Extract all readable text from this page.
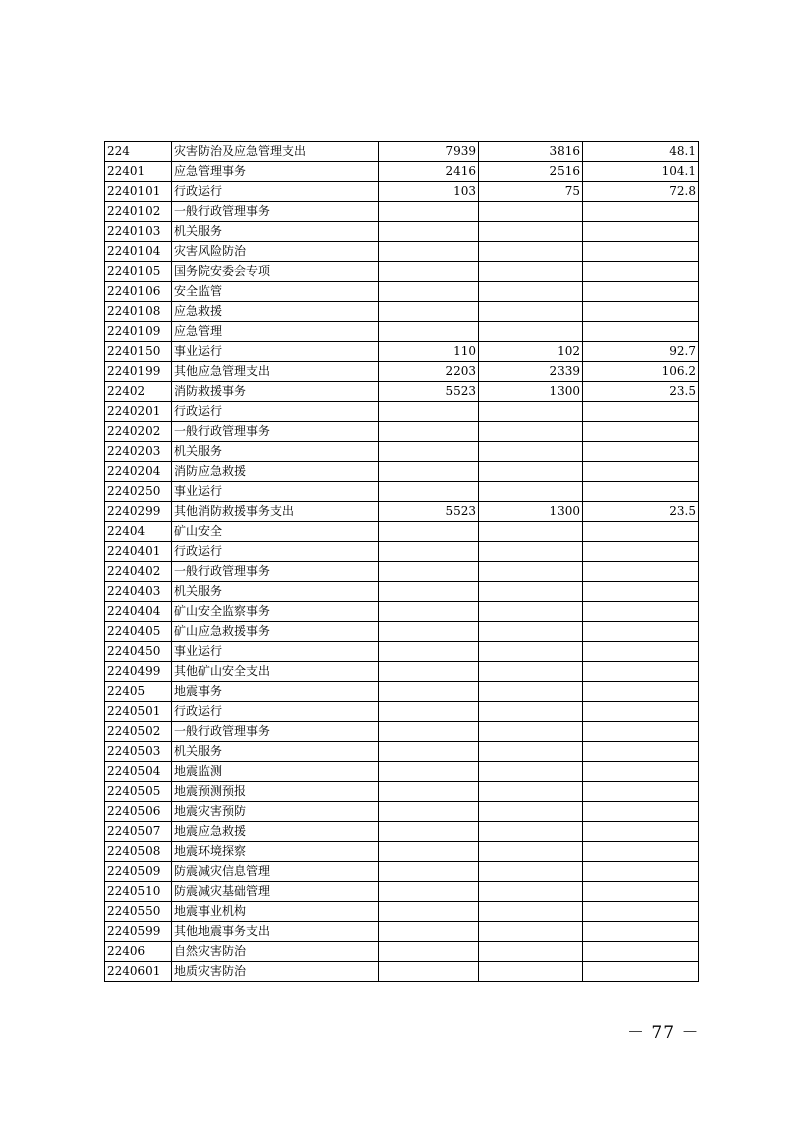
224	灾害防治及应急管理支出	7939	3816	48.1
22401	应急管理事务	2416	2516	104.1
2240101	行政运行	103	75	72.8
2240102	一般行政管理事务			
2240103	机关服务			
2240104	灾害风险防治			
2240105	国务院安委会专项			
2240106	安全监管			
2240108	应急救援			
2240109	应急管理			
2240150	事业运行	110	102	92.7
2240199	其他应急管理支出	2203	2339	106.2
22402	消防救援事务	5523	1300	23.5
2240201	行政运行			
2240202	一般行政管理事务			
2240203	机关服务			
2240204	消防应急救援			
2240250	事业运行			
2240299	其他消防救援事务支出	5523	1300	23.5
22404	矿山安全			
2240401	行政运行			
2240402	一般行政管理事务			
2240403	机关服务			
2240404	矿山安全监察事务			
2240405	矿山应急救援事务			
2240450	事业运行			
2240499	其他矿山安全支出			
22405	地震事务			
2240501	行政运行			
2240502	一般行政管理事务			
2240503	机关服务			
2240504	地震监测			
2240505	地震预测预报			
2240506	地震灾害预防			
2240507	地震应急救援			
2240508	地震环境探察			
2240509	防震减灾信息管理			
2240510	防震减灾基础管理			
2240550	地震事业机构			
2240599	其他地震事务支出			
22406	自然灾害防治			
2240601	地质灾害防治			
－ 77 －
